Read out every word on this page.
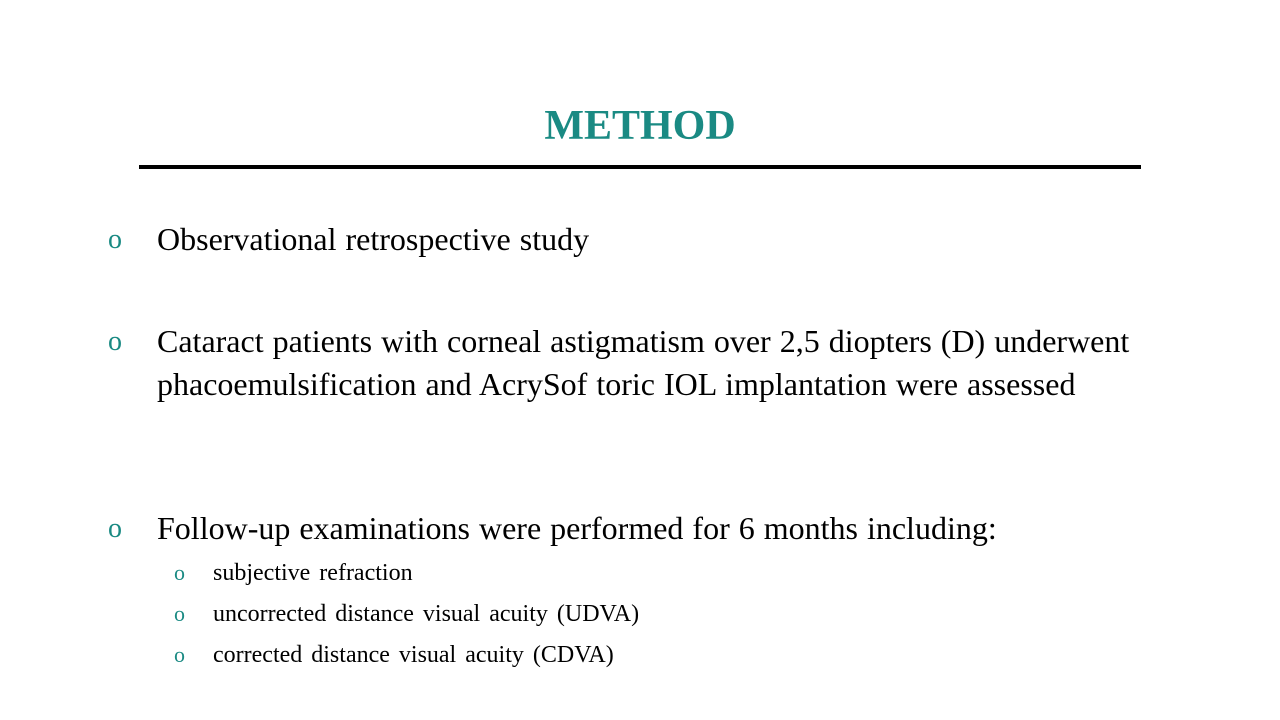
METHOD
o	Observational retrospective study
o	Cataract patients with corneal astigmatism over 2,5 diopters (D) underwent phacoemulsification and AcrySof toric IOL implantation were assessed
o	Follow-up examinations were performed for 6 months including:
o	subjective refraction
o	uncorrected distance visual acuity (UDVA)
o	corrected distance visual acuity (CDVA)
